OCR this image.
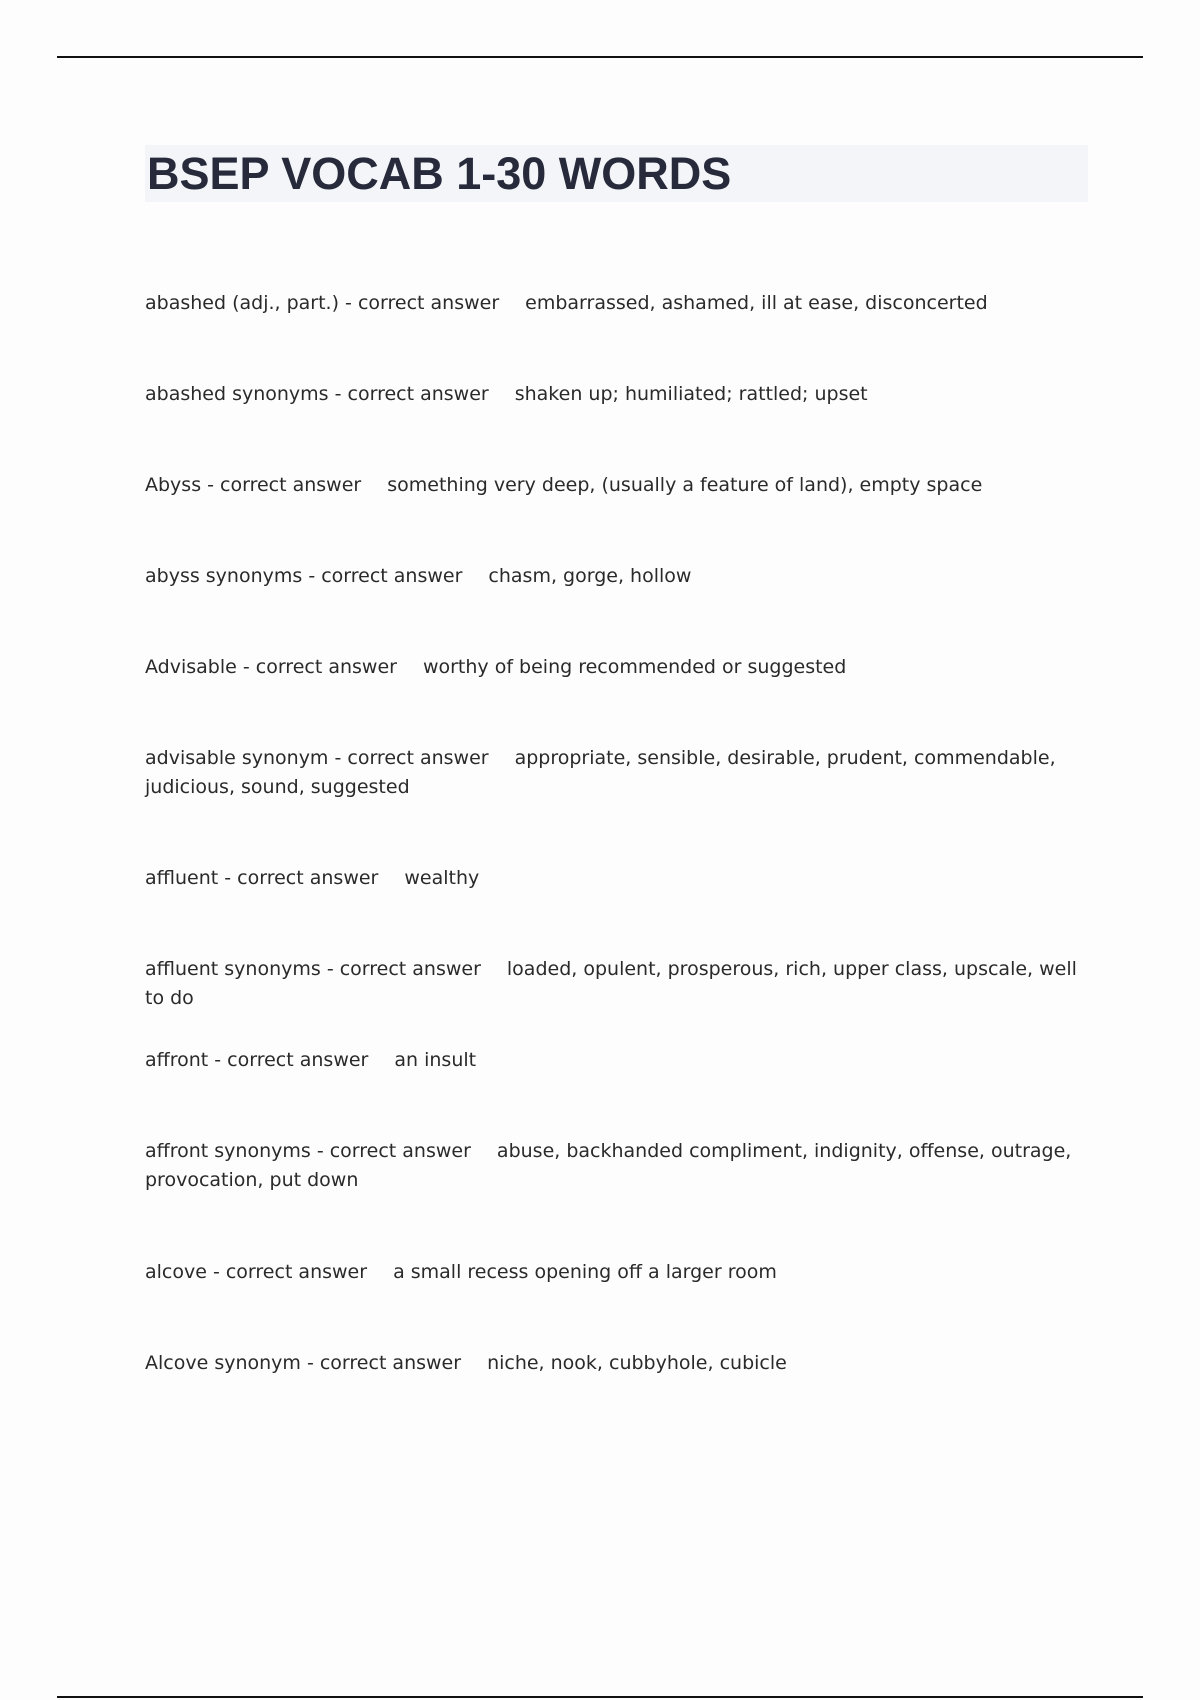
BSEP VOCAB 1-30 WORDS

abashed (adj., part.) - correct answer embarrassed, ashamed, ill at ease, disconcerted

abashed synonyms - correct answer shaken up; humiliated; rattled; upset

Abyss - correct answer something very deep, (usually a feature of land), empty space

abyss synonyms - correct answer chasm, gorge, hollow

Advisable - correct answer worthy of being recommended or suggested

advisable synonym - correct answer appropriate, sensible, desirable, prudent, commendable, judicious, sound, suggested

affluent - correct answer wealthy

affluent synonyms - correct answer loaded, opulent, prosperous, rich, upper class, upscale, well to do

affront - correct answer an insult

affront synonyms - correct answer abuse, backhanded compliment, indignity, offense, outrage, provocation, put down

alcove - correct answer a small recess opening off a larger room

Alcove synonym - correct answer niche, nook, cubbyhole, cubicle
